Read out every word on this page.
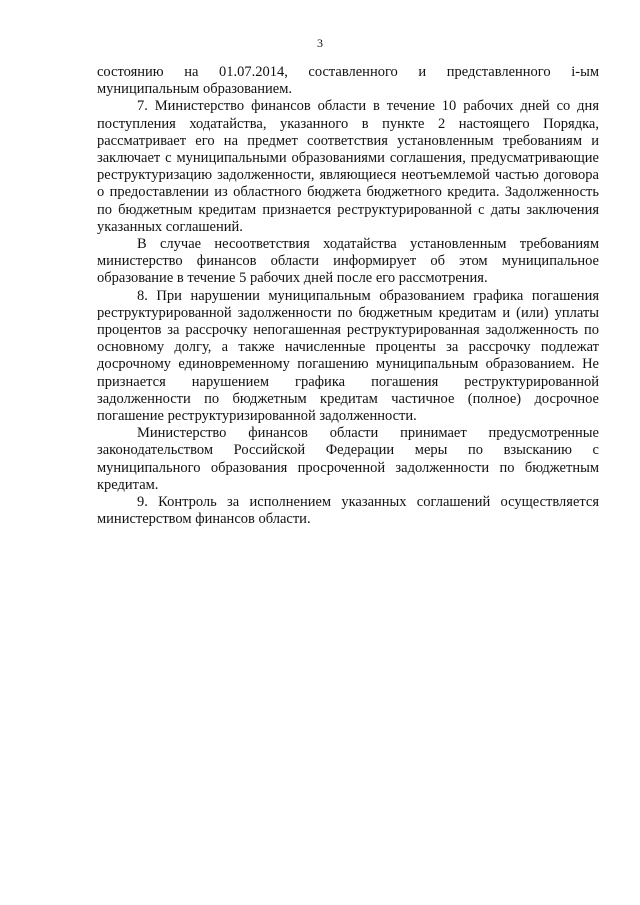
3

состоянию на 01.07.2014, составленного и представленного i-ым муниципальным образованием.

7. Министерство финансов области в течение 10 рабочих дней со дня поступления ходатайства, указанного в пункте 2 настоящего Порядка, рассматривает его на предмет соответствия установленным требованиям и заключает с муниципальными образованиями соглашения, предусматривающие реструктуризацию задолженности, являющиеся неотъемлемой частью договора о предоставлении из областного бюджета бюджетного кредита. Задолженность по бюджетным кредитам признается реструктурированной с даты заключения указанных соглашений.

В случае несоответствия ходатайства установленным требованиям министерство финансов области информирует об этом муниципальное образование в течение 5 рабочих дней после его рассмотрения.

8. При нарушении муниципальным образованием графика погашения реструктурированной задолженности по бюджетным кредитам и (или) уплаты процентов за рассрочку непогашенная реструктурированная задолженность по основному долгу, а также начисленные проценты за рассрочку подлежат досрочному единовременному погашению муниципальным образованием. Не признается нарушением графика погашения реструктурированной задолженности по бюджетным кредитам частичное (полное) досрочное погашение реструктуризированной задолженности.

Министерство финансов области принимает предусмотренные законодательством Российской Федерации меры по взысканию с муниципального образования просроченной задолженности по бюджетным кредитам.

9. Контроль за исполнением указанных соглашений осуществляется министерством финансов области.
